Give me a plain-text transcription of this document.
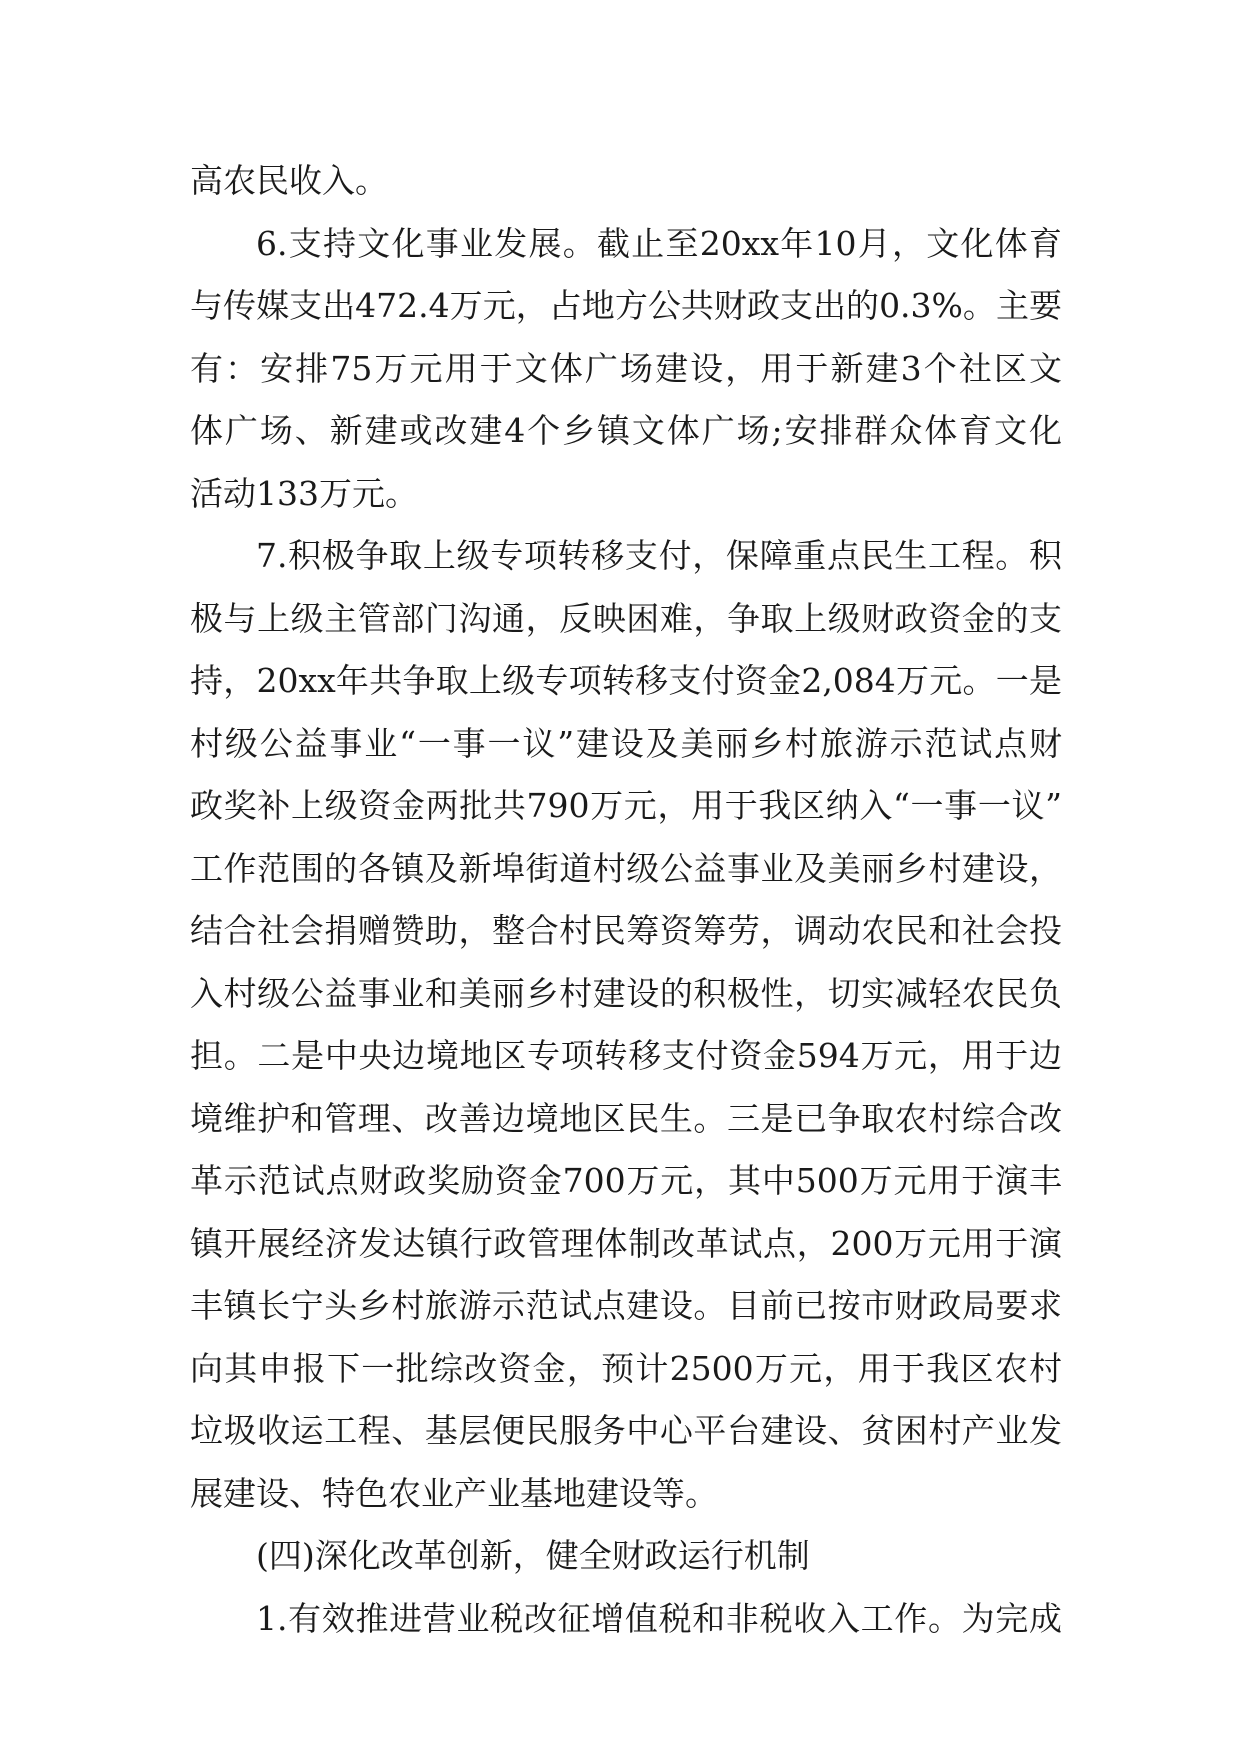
高农民收入。
6.支持文化事业发展。截止至20xx年10月，文化体育
与传媒支出472.4万元，占地方公共财政支出的0.3%。主要
有：安排75万元用于文体广场建设，用于新建3个社区文
体广场、新建或改建4个乡镇文体广场;安排群众体育文化
活动133万元。
7.积极争取上级专项转移支付，保障重点民生工程。积
极与上级主管部门沟通，反映困难，争取上级财政资金的支
持，20xx年共争取上级专项转移支付资金2,084万元。一是
村级公益事业“一事一议”建设及美丽乡村旅游示范试点财
政奖补上级资金两批共790万元，用于我区纳入“一事一议”
工作范围的各镇及新埠街道村级公益事业及美丽乡村建设，
结合社会捐赠赞助，整合村民筹资筹劳，调动农民和社会投
入村级公益事业和美丽乡村建设的积极性，切实减轻农民负
担。二是中央边境地区专项转移支付资金594万元，用于边
境维护和管理、改善边境地区民生。三是已争取农村综合改
革示范试点财政奖励资金700万元，其中500万元用于演丰
镇开展经济发达镇行政管理体制改革试点，200万元用于演
丰镇长宁头乡村旅游示范试点建设。目前已按市财政局要求
向其申报下一批综改资金，预计2500万元，用于我区农村
垃圾收运工程、基层便民服务中心平台建设、贫困村产业发
展建设、特色农业产业基地建设等。
(四)深化改革创新，健全财政运行机制
1.有效推进营业税改征增值税和非税收入工作。为完成
